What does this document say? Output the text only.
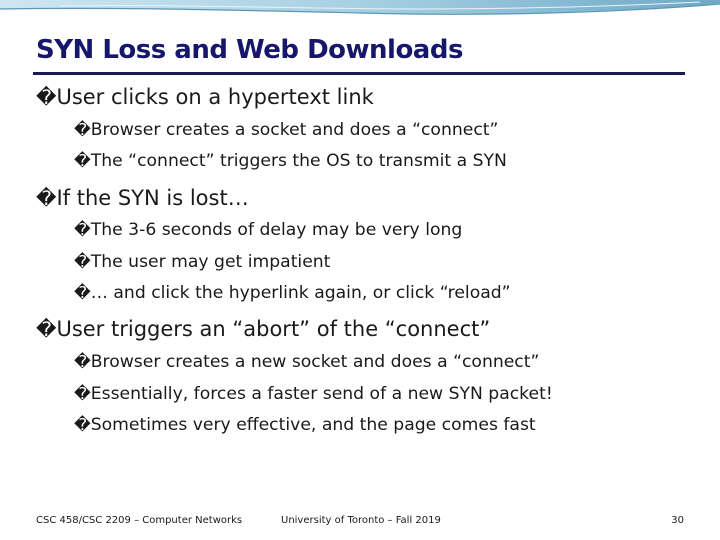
SYN Loss and Web Downloads
�User clicks on a hypertext link
�Browser creates a socket and does a “connect”
�The “connect” triggers the OS to transmit a SYN
�If the SYN is lost…
�The 3-6 seconds of delay may be very long
�The user may get impatient
�… and click the hyperlink again, or click “reload”
�User triggers an “abort” of the “connect”
�Browser creates a new socket and does a “connect”
�Essentially, forces a faster send of a new SYN packet!
�Sometimes very effective, and the page comes fast
CSC 458/CSC 2209 – Computer Networks	University of Toronto – Fall 2019	30
